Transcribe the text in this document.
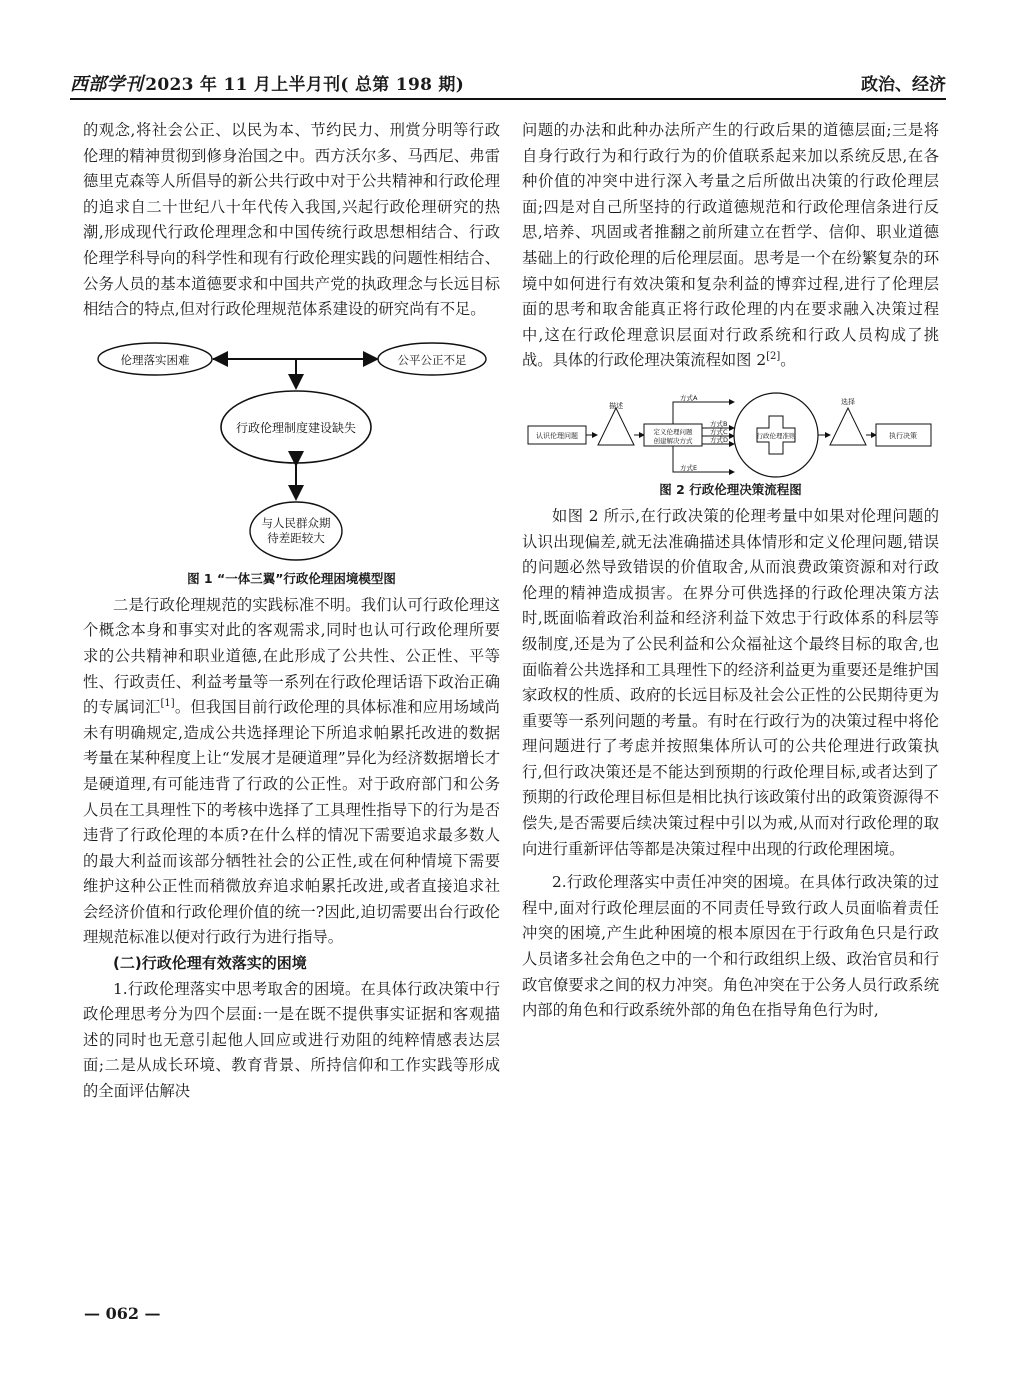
西部学刊 2023 年 11 月上半月刊( 总第 198 期)	政治、经济

的观念,将社会公正、以民为本、节约民力、刑赏分明等行政伦理的精神贯彻到修身治国之中。西方沃尔多、马西尼、弗雷德里克森等人所倡导的新公共行政中对于公共精神和行政伦理的追求自二十世纪八十年代传入我国,兴起行政伦理研究的热潮,形成现代行政伦理理念和中国传统行政思想相结合、行政伦理学科导向的科学性和现有行政伦理实践的问题性相结合、公务人员的基本道德要求和中国共产党的执政理念与长远目标相结合的特点,但对行政伦理规范体系建设的研究尚有不足。

伦理落实困难	公平公正不足
行政伦理制度建设缺失
与人民群众期
待差距较大
图 1 “一体三翼”行政伦理困境模型图

二是行政伦理规范的实践标准不明。我们认可行政伦理这个概念本身和事实对此的客观需求,同时也认可行政伦理所要求的公共精神和职业道德,在此形成了公共性、公正性、平等性、行政责任、利益考量等一系列在行政伦理话语下政治正确的专属词汇[1]。但我国目前行政伦理的具体标准和应用场域尚未有明确规定,造成公共选择理论下所追求帕累托改进的数据考量在某种程度上让“发展才是硬道理”异化为经济数据增长才是硬道理,有可能违背了行政的公正性。对于政府部门和公务人员在工具理性下的考核中选择了工具理性指导下的行为是否违背了行政伦理的本质?在什么样的情况下需要追求最多数人的最大利益而该部分牺牲社会的公正性,或在何种情境下需要维护这种公正性而稍微放弃追求帕累托改进,或者直接追求社会经济价值和行政伦理价值的统一?因此,迫切需要出台行政伦理规范标准以便对行政行为进行指导。

(二)行政伦理有效落实的困境

1.行政伦理落实中思考取舍的困境。在具体行政决策中行政伦理思考分为四个层面:一是在既不提供事实证据和客观描述的同时也无意引起他人回应或进行劝阻的纯粹情感表达层面;二是从成长环境、教育背景、所持信仰和工作实践等形成的全面评估解决

问题的办法和此种办法所产生的行政后果的道德层面;三是将自身行政行为和行政行为的价值联系起来加以系统反思,在各种价值的冲突中进行深入考量之后所做出决策的行政伦理层面;四是对自己所坚持的行政道德规范和行政伦理信条进行反思,培养、巩固或者推翻之前所建立在哲学、信仰、职业道德基础上的行政伦理的后伦理层面。思考是一个在纷繁复杂的环境中如何进行有效决策和复杂利益的博弈过程,进行了伦理层面的思考和取舍能真正将行政伦理的内在要求融入决策过程中,这在行政伦理意识层面对行政系统和行政人员构成了挑战。具体的行政伦理决策流程如图 2[2]。

认识伦理问题
描述
定义伦理问题
创建解决方式
方式A
方式B
方式C
方式D
方式E
行政伦理准则
选择
执行决策
图 2 行政伦理决策流程图

如图 2 所示,在行政决策的伦理考量中如果对伦理问题的认识出现偏差,就无法准确描述具体情形和定义伦理问题,错误的问题必然导致错误的价值取舍,从而浪费政策资源和对行政伦理的精神造成损害。在界分可供选择的行政伦理决策方法时,既面临着政治利益和经济利益下效忠于行政体系的科层等级制度,还是为了公民利益和公众福祉这个最终目标的取舍,也面临着公共选择和工具理性下的经济利益更为重要还是维护国家政权的性质、政府的长远目标及社会公正性的公民期待更为重要等一系列问题的考量。有时在行政行为的决策过程中将伦理问题进行了考虑并按照集体所认可的公共伦理进行政策执行,但行政决策还是不能达到预期的行政伦理目标,或者达到了预期的行政伦理目标但是相比执行该政策付出的政策资源得不偿失,是否需要后续决策过程中引以为戒,从而对行政伦理的取向进行重新评估等都是决策过程中出现的行政伦理困境。

2.行政伦理落实中责任冲突的困境。在具体行政决策的过程中,面对行政伦理层面的不同责任导致行政人员面临着责任冲突的困境,产生此种困境的根本原因在于行政角色只是行政人员诸多社会角色之中的一个和行政组织上级、政治官员和行政官僚要求之间的权力冲突。角色冲突在于公务人员行政系统内部的角色和行政系统外部的角色在指导角色行为时,

— 062 —
